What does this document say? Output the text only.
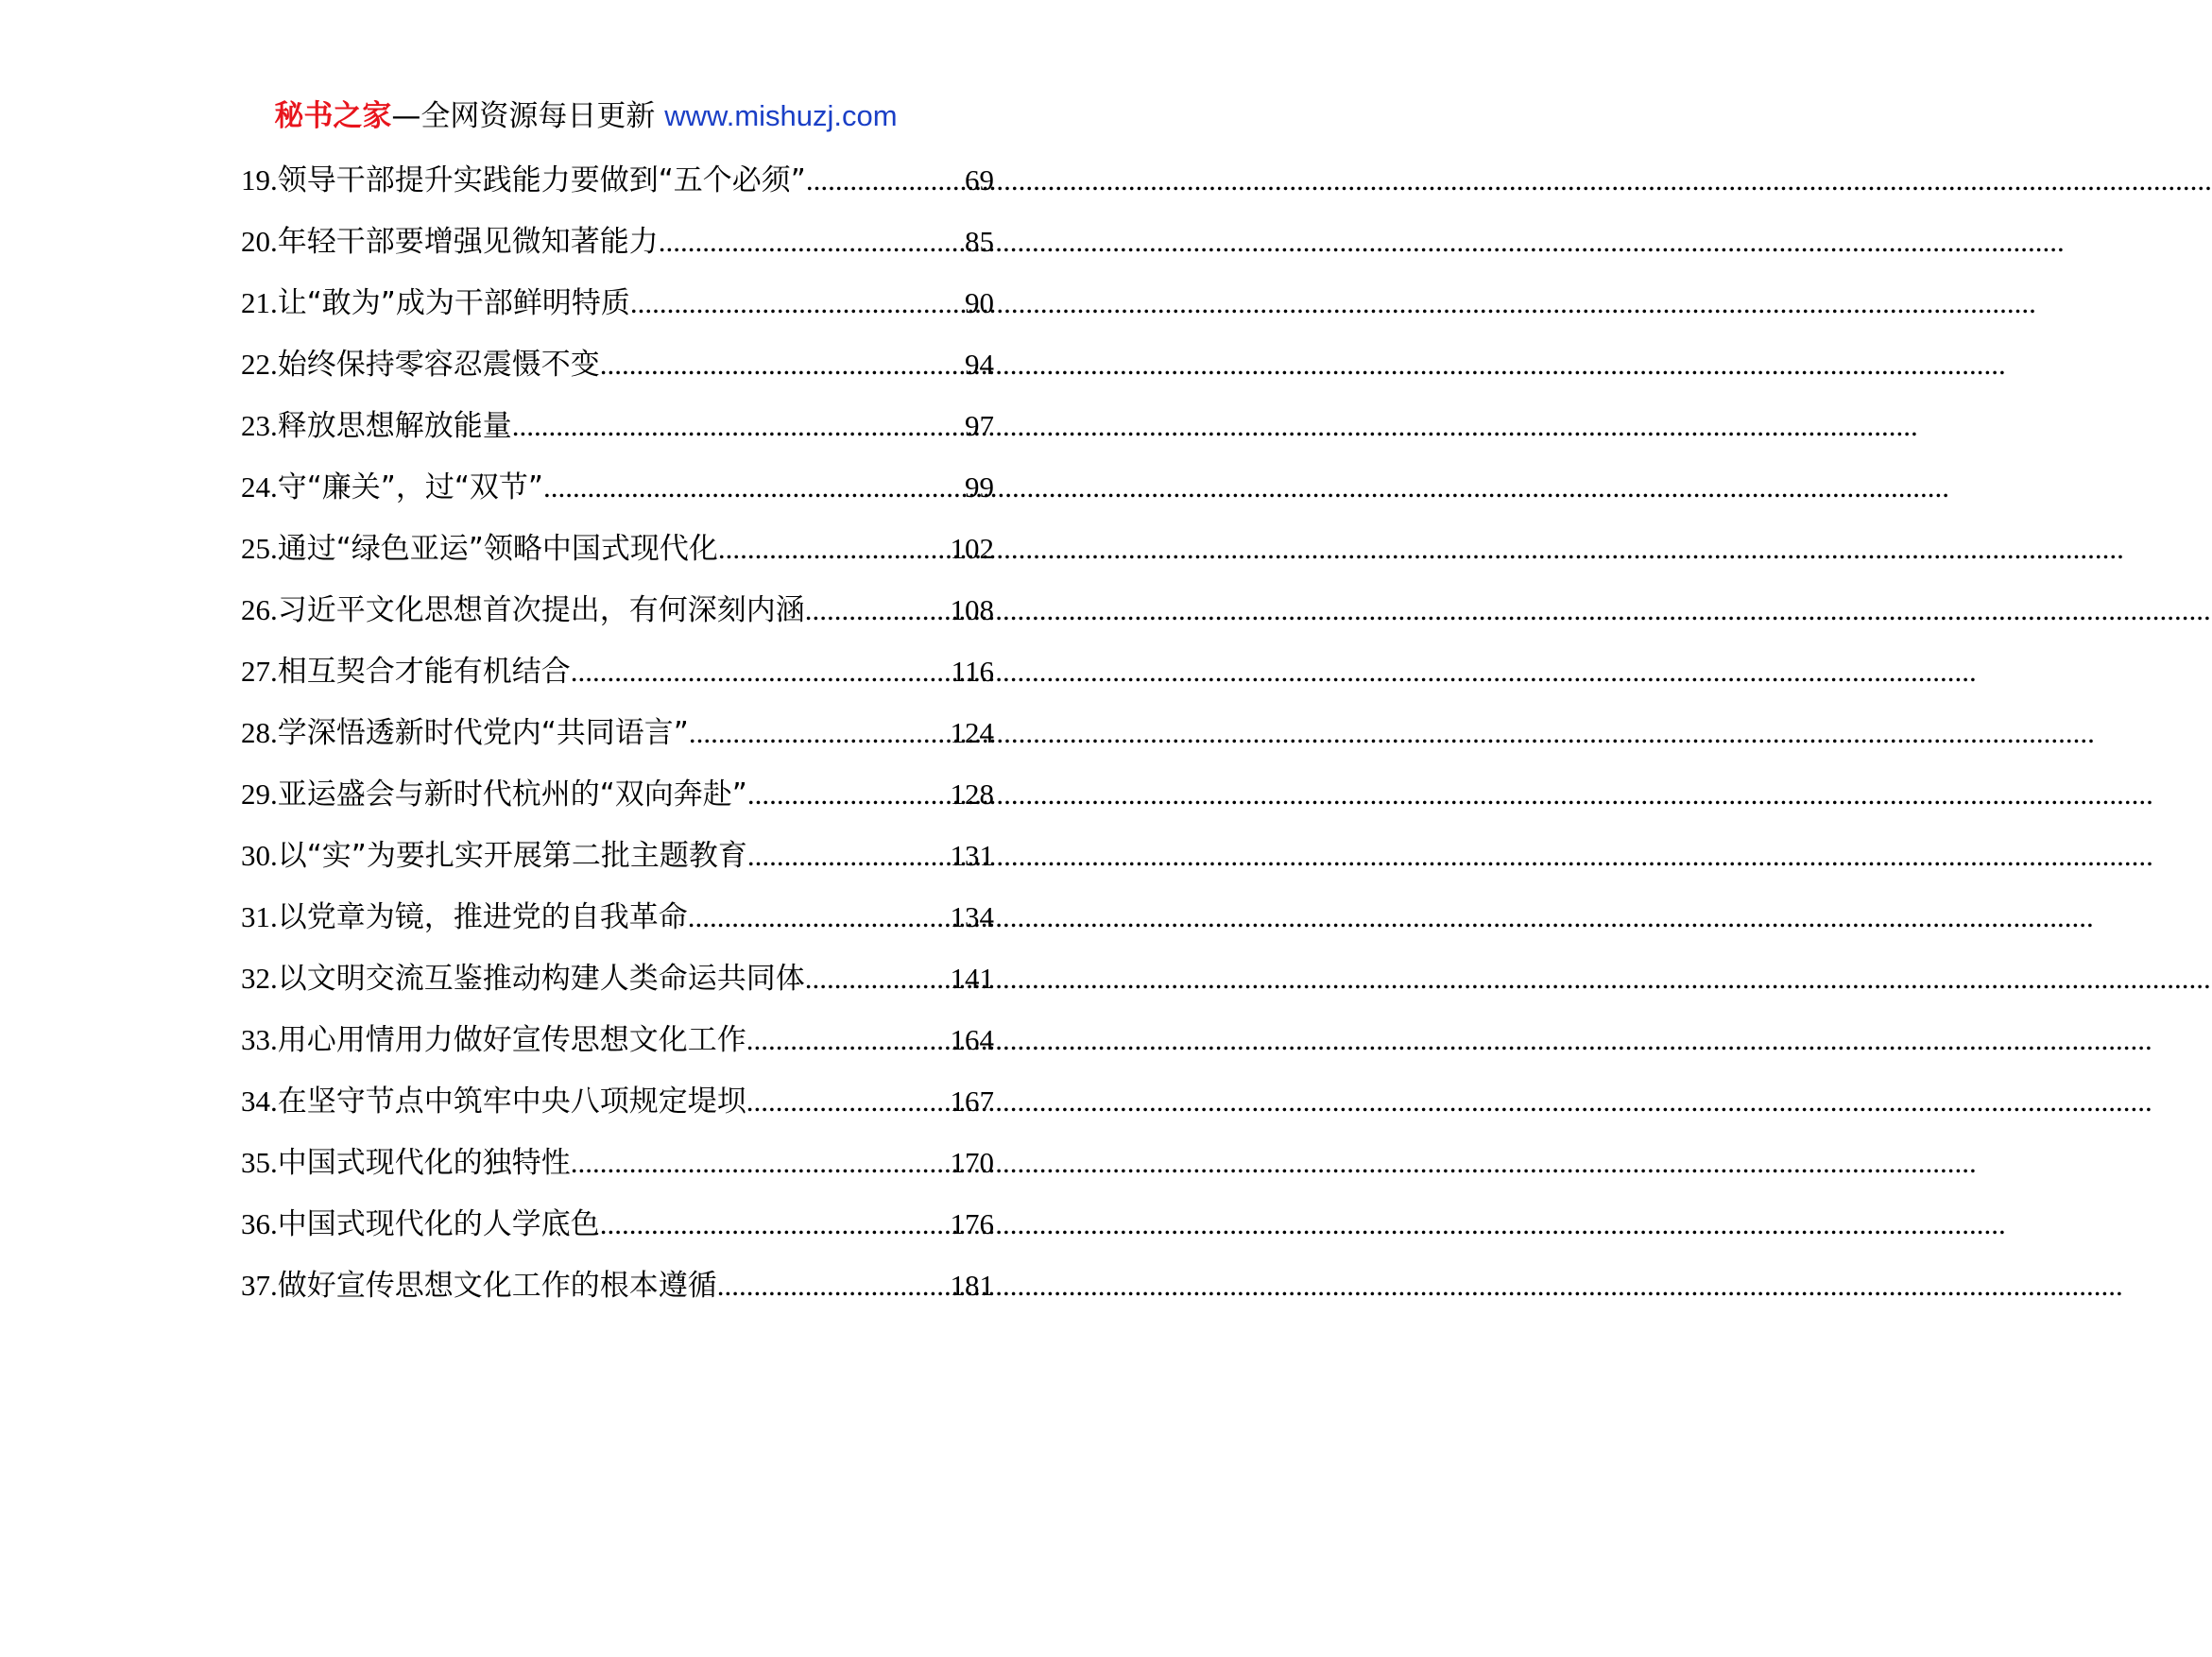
秘书之家—全网资源每日更新 www.mishuzj.com
19. 领导干部提升实践能力要做到“五个必须” .....	69
20. 年轻干部要增强见微知著能力 .....	85
21. 让“敢为”成为干部鲜明特质 .....	90
22. 始终保持零容忍震慑不变 .....	94
23. 释放思想解放能量 .....	97
24. 守“廉关”，过“双节” .....	99
25. 通过“绿色亚运”领略中国式现代化 .....	102
26. 习近平文化思想首次提出，有何深刻内涵 .....	108
27. 相互契合才能有机结合 .....	116
28. 学深悟透新时代党内“共同语言” .....	124
29. 亚运盛会与新时代杭州的“双向奔赴” .....	128
30. 以“实”为要扎实开展第二批主题教育 .....	131
31. 以党章为镜，推进党的自我革命 .....	134
32. 以文明交流互鉴推动构建人类命运共同体 .....	141
33. 用心用情用力做好宣传思想文化工作 .....	164
34. 在坚守节点中筑牢中央八项规定堤坝 .....	167
35. 中国式现代化的独特性 .....	170
36. 中国式现代化的人学底色 .....	176
37. 做好宣传思想文化工作的根本遵循 .....	181
